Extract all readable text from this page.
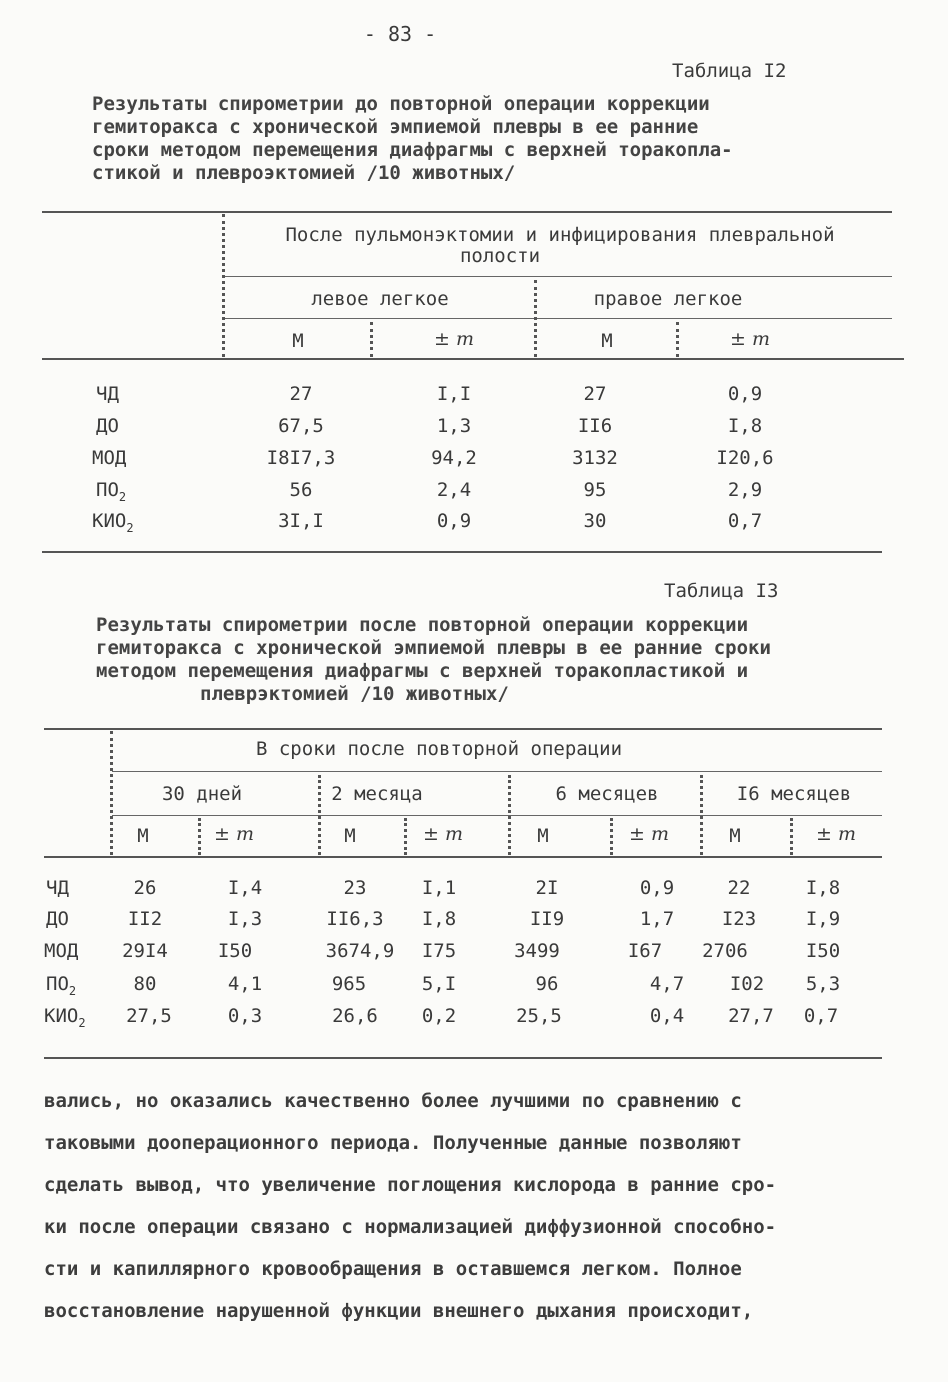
- 83 -
Таблица I2
Результаты спирометрии до повторной операции коррекции
гемиторакса с хронической эмпиемой плевры в ее ранние
сроки методом перемещения диафрагмы с верхней торакопла-
стикой и плевроэктомией /10 животных/
После пульмонэктомии и инфицирования плевральной
полости
левое легкое	правое легкое
М	± m	М	± m
ЧД	27	I,I	27	0,9
ДО	67,5	1,3	II6	I,8
МОД	I8I7,3	94,2	3132	I20,6
$ПО_2$	56	2,4	95	2,9
$КИО_2$	3I,I	0,9	30	0,7
Таблица I3
Результаты спирометрии после повторной операции коррекции
гемиторакса с хронической эмпиемой плевры в ее ранние сроки
методом перемещения диафрагмы с верхней торакопластикой и
плеврэктомией /10 животных/
В сроки после повторной операции
30 дней	2 месяца	6 месяцев	I6 месяцев
М	± m	М	± m	М	± m	М	± m
ЧД	26	I,4	23	I,1	2I	0,9	22	I,8
ДО	II2	I,3	II6,3	I,8	II9	1,7	I23	I,9
МОД	29I4	I50	3674,9	I75	3499	I67	2706	I50
$ПО_2$	80	4,1	965	5,I	96	4,7	I02	5,3
$КИО_2$	27,5	0,3	26,6	0,2	25,5	0,4	27,7	0,7
вались, но оказались качественно более лучшими по сравнению с
таковыми дооперационного периода. Полученные данные позволяют
сделать вывод, что увеличение поглощения кислорода в ранние сро-
ки после операции связано с нормализацией диффузионной способно-
сти и капиллярного кровообращения в оставшемся легком. Полное
восстановление нарушенной функции внешнего дыхания происходит,
